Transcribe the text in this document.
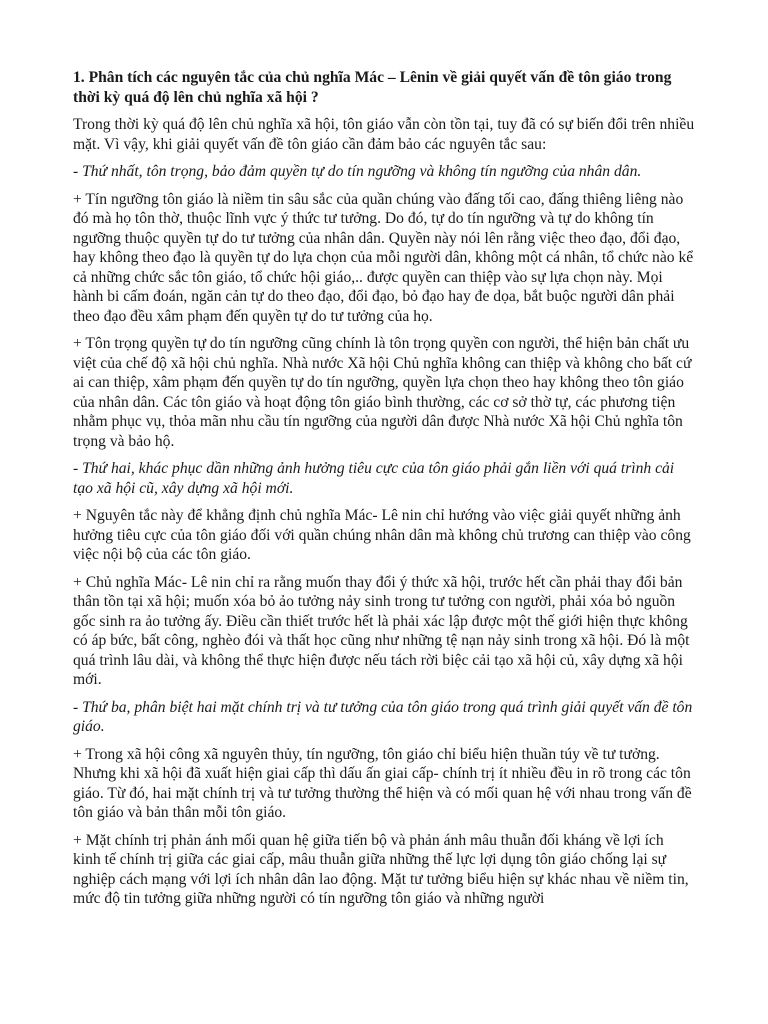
1. Phân tích các nguyên tắc của chủ nghĩa Mác – Lênin về giải quyết vấn đề tôn giáo trong thời kỳ quá độ lên chủ nghĩa xã hội ?

Trong thời kỳ quá độ lên chủ nghĩa xã hội, tôn giáo vẫn còn tồn tại, tuy đã có sự biến đổi trên nhiều mặt. Vì vậy, khi giải quyết vấn đề tôn giáo cần đảm bảo các nguyên tắc sau:

- Thứ nhất, tôn trọng, bảo đảm quyền tự do tín ngưỡng và không tín ngưỡng của nhân dân.

+ Tín ngưỡng tôn giáo là niềm tin sâu sắc của quần chúng vào đấng tối cao, đấng thiêng liêng nào đó mà họ tôn thờ, thuộc lĩnh vực ý thức tư tưởng. Do đó, tự do tín ngưỡng và tự do không tín ngưỡng thuộc quyền tự do tư tưởng của nhân dân. Quyền này nói lên rằng việc theo đạo, đổi đạo, hay không theo đạo là quyền tự do lựa chọn của mỗi người dân, không một cá nhân, tổ chức nào kể cả những chức sắc tôn giáo, tổ chức hội giáo,.. được quyền can thiệp vào sự lựa chọn này. Mọi hành bi cấm đoán, ngăn cản tự do theo đạo, đổi đạo, bỏ đạo hay đe dọa, bắt buộc người dân phải theo đạo đều xâm phạm đến quyền tự do tư tưởng của họ.

+ Tôn trọng quyền tự do tín ngưỡng cũng chính là tôn trọng quyền con người, thể hiện bản chất ưu việt của chế độ xã hội chủ nghĩa. Nhà nước Xã hội Chủ nghĩa không can thiệp và không cho bất cứ ai can thiệp, xâm phạm đến quyền tự do tín ngưỡng, quyền lựa chọn theo hay không theo tôn giáo của nhân dân. Các tôn giáo và hoạt động tôn giáo bình thường, các cơ sở thờ tự, các phương tiện nhằm phục vụ, thỏa mãn nhu cầu tín ngưỡng của người dân được Nhà nước Xã hội Chủ nghĩa tôn trọng và bảo hộ.

- Thứ hai, khác phục dần những ảnh hưởng tiêu cực của tôn giáo phải gắn liền với quá trình cải tạo xã hội cũ, xây dựng xã hội mới.

+ Nguyên tắc này để khẳng định chủ nghĩa Mác- Lê nin chỉ hướng vào việc giải quyết những ảnh hưởng tiêu cực của tôn giáo đối với quần chúng nhân dân mà không chủ trương can thiệp vào công việc nội bộ của các tôn giáo.

+ Chủ nghĩa Mác- Lê nin chỉ ra rằng muốn thay đổi ý thức xã hội, trước hết cần phải thay đổi bản thân tồn tại xã hội; muốn xóa bỏ ảo tưởng nảy sinh trong tư tưởng con người, phải xóa bỏ nguồn gốc sinh ra ảo tưởng ấy. Điều cần thiết trước hết là phải xác lập được một thế giới hiện thực không có áp bức, bất công, nghèo đói và thất học cũng như những tệ nạn nảy sinh trong xã hội. Đó là một quá trình lâu dài, và không thể thực hiện được nếu tách rời biệc cải tạo xã hội củ, xây dựng xã hội mới.

- Thứ ba, phân biệt hai mặt chính trị và tư tưởng của tôn giáo trong quá trình giải quyết vấn đề tôn giáo.

+ Trong xã hội công xã nguyên thủy, tín ngưỡng, tôn giáo chỉ biểu hiện thuần túy về tư tưởng. Nhưng khi xã hội đã xuất hiện giai cấp thì dấu ấn giai cấp- chính trị ít nhiều đều in rõ trong các tôn giáo. Từ đó, hai mặt chính trị và tư tưởng thường thể hiện và có mối quan hệ với nhau trong vấn đề tôn giáo và bản thân mỗi tôn giáo.

+ Mặt chính trị phản ánh mối quan hệ giữa tiến bộ và phản ánh mâu thuẫn đối kháng về lợi ích kinh tế chính trị giữa các giai cấp, mâu thuẫn giữa những thế lực lợi dụng tôn giáo chống lại sự nghiệp cách mạng với lợi ích nhân dân lao động. Mặt tư tưởng biểu hiện sự khác nhau về niềm tin, mức độ tin tưởng giữa những người có tín ngưỡng tôn giáo và những người
